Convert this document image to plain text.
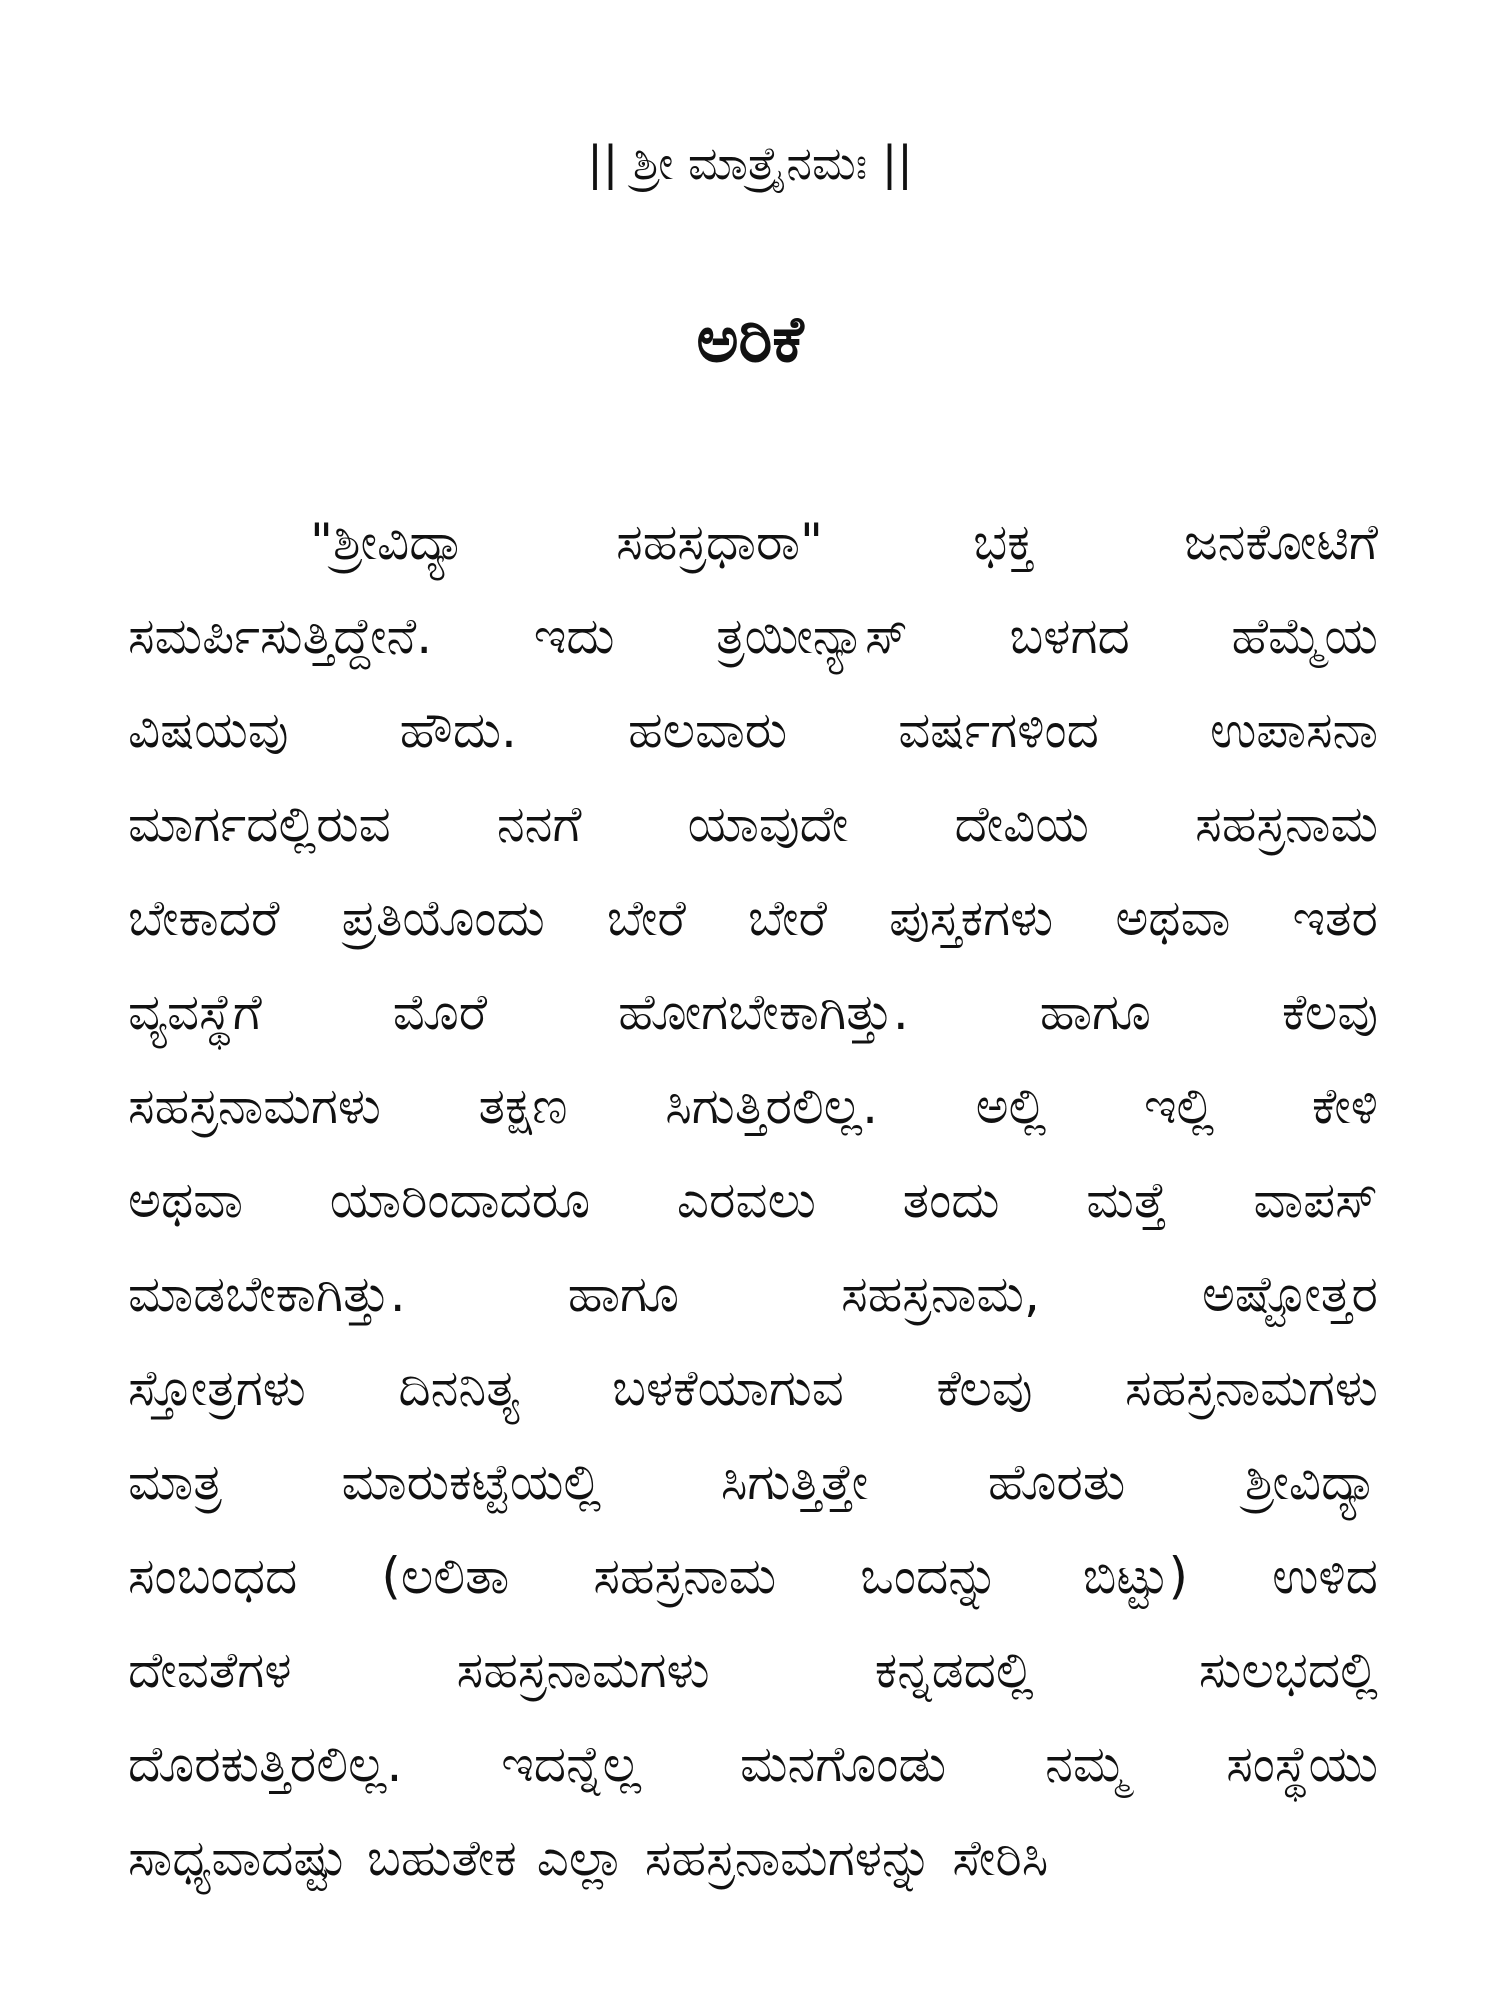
|| ಶ್ರೀ ಮಾತ್ರೈನಮಃ ||
ಅರಿಕೆ
"ಶ್ರೀವಿದ್ಯಾ	ಸಹಸ್ರಧಾರಾ"	ಭಕ್ತ	ಜನಕೋಟಿಗೆ
ಸಮರ್ಪಿಸುತ್ತಿದ್ದೇನೆ. ಇದು ತ್ರಯೀನ್ಯಾಸ್ ಬಳಗದ ಹೆಮ್ಮೆಯ
ವಿಷಯವು ಹೌದು. ಹಲವಾರು ವರ್ಷಗಳಿಂದ ಉಪಾಸನಾ
ಮಾರ್ಗದಲ್ಲಿರುವ ನನಗೆ ಯಾವುದೇ ದೇವಿಯ ಸಹಸ್ರನಾಮ
ಬೇಕಾದರೆ ಪ್ರತಿಯೊಂದು ಬೇರೆ ಬೇರೆ ಪುಸ್ತಕಗಳು ಅಥವಾ ಇತರ
ವ್ಯವಸ್ಥೆಗೆ	ಮೊರೆ	ಹೋಗಬೇಕಾಗಿತ್ತು.	ಹಾಗೂ	ಕೆಲವು
ಸಹಸ್ರನಾಮಗಳು ತಕ್ಷಣ ಸಿಗುತ್ತಿರಲಿಲ್ಲ. ಅಲ್ಲಿ ಇಲ್ಲಿ ಕೇಳಿ
ಅಥವಾ ಯಾರಿಂದಾದರೂ ಎರವಲು ತಂದು ಮತ್ತೆ ವಾಪಸ್
ಮಾಡಬೇಕಾಗಿತ್ತು.	ಹಾಗೂ	ಸಹಸ್ರನಾಮ,	ಅಷ್ಟೋತ್ತರ
ಸ್ತೋತ್ರಗಳು ದಿನನಿತ್ಯ ಬಳಕೆಯಾಗುವ ಕೆಲವು ಸಹಸ್ರನಾಮಗಳು
ಮಾತ್ರ ಮಾರುಕಟ್ಟೆಯಲ್ಲಿ ಸಿಗುತ್ತಿತ್ತೇ ಹೊರತು ಶ್ರೀವಿದ್ಯಾ
ಸಂಬಂಧದ (ಲಲಿತಾ ಸಹಸ್ರನಾಮ ಒಂದನ್ನು ಬಿಟ್ಟು) ಉಳಿದ
ದೇವತೆಗಳ	ಸಹಸ್ರನಾಮಗಳು	ಕನ್ನಡದಲ್ಲಿ	ಸುಲಭದಲ್ಲಿ
ದೊರಕುತ್ತಿರಲಿಲ್ಲ. ಇದನ್ನೆಲ್ಲ ಮನಗೊಂಡು ನಮ್ಮ ಸಂಸ್ಥೆಯು
ಸಾಧ್ಯವಾದಷ್ಟು ಬಹುತೇಕ ಎಲ್ಲಾ ಸಹಸ್ರನಾಮಗಳನ್ನು ಸೇರಿಸಿ
